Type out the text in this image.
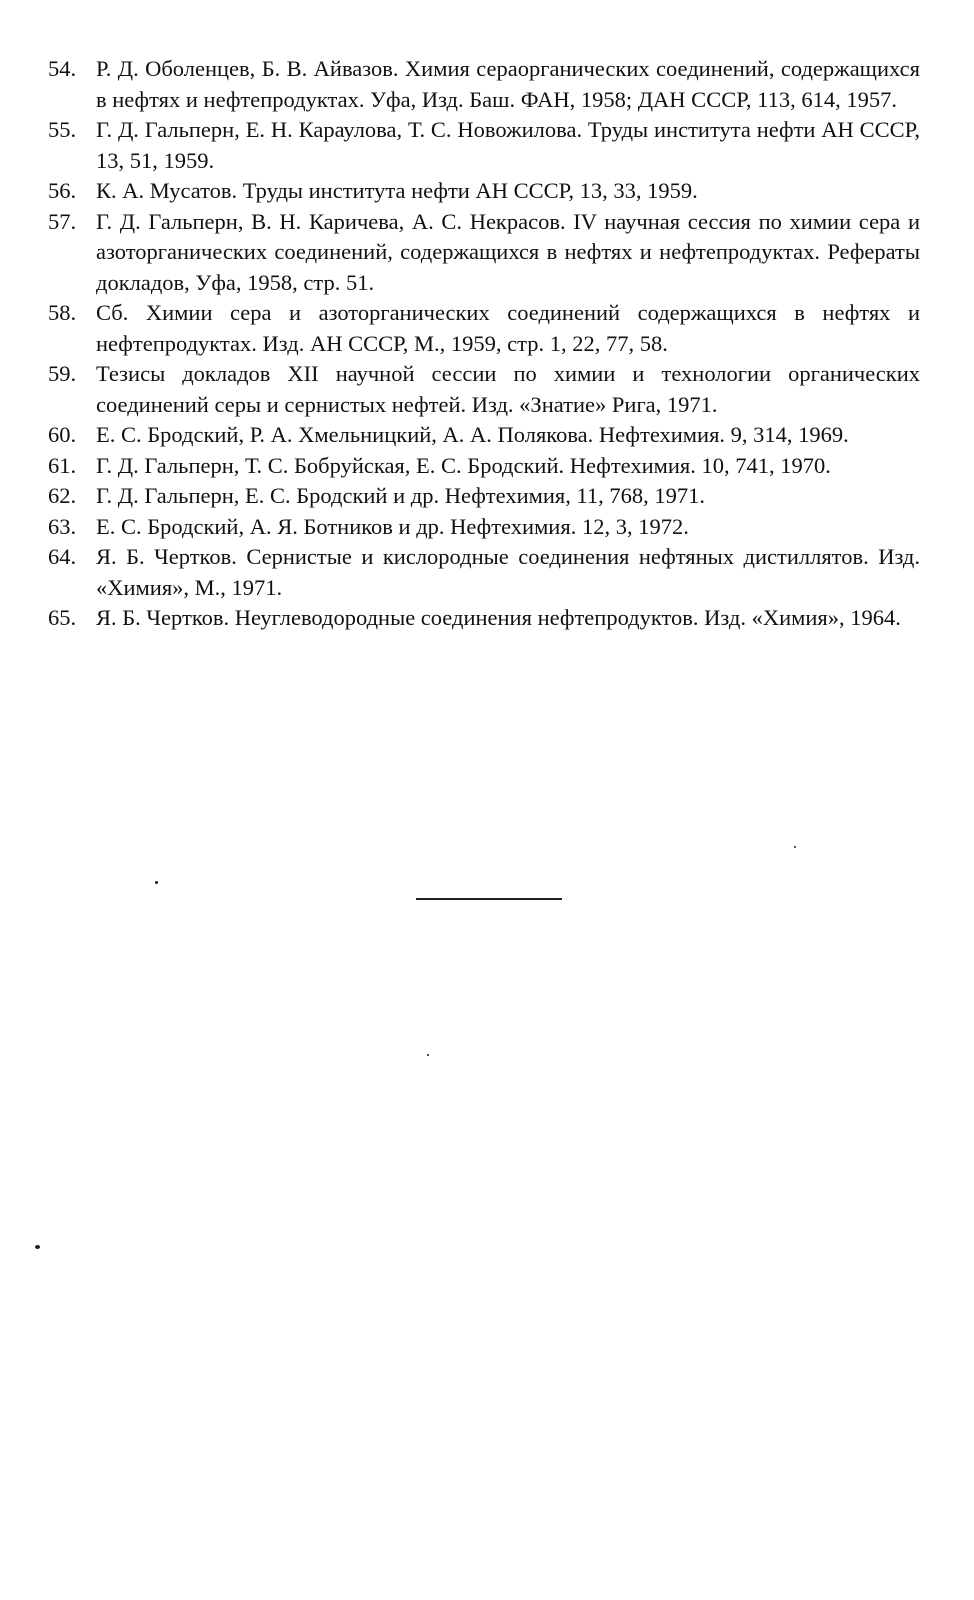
54. Р. Д. Оболенцев, Б. В. Айвазов. Химия сераорганических соединений, содержащихся в нефтях и нефтепродуктах. Уфа, Изд. Баш. ФАН, 1958; ДАН СССР, 113, 614, 1957.
55. Г. Д. Гальперн, Е. Н. Караулова, Т. С. Новожилова. Труды института нефти АН СССР, 13, 51, 1959.
56. К. А. Мусатов. Труды института нефти АН СССР, 13, 33, 1959.
57. Г. Д. Гальперн, В. Н. Каричева, А. С. Некрасов. IV научная сессия по химии сера и азоторганических соединений, содержащихся в нефтях и нефтепродуктах. Рефераты докладов, Уфа, 1958, стр. 51.
58. Сб. Химии сера и азоторганических соединений содержащихся в нефтях и нефтепродуктах. Изд. АН СССР, М., 1959, стр. 1, 22, 77, 58.
59. Тезисы докладов XII научной сессии по химии и технологии органических соединений серы и сернистых нефтей. Изд. «Знатие» Рига, 1971.
60. Е. С. Бродский, Р. А. Хмельницкий, А. А. Полякова. Нефтехимия. 9, 314, 1969.
61. Г. Д. Гальперн, Т. С. Бобруйская, Е. С. Бродский. Нефтехимия. 10, 741, 1970.
62. Г. Д. Гальперн, Е. С. Бродский и др. Нефтехимия, 11, 768, 1971.
63. Е. С. Бродский, А. Я. Ботников и др. Нефтехимия. 12, 3, 1972.
64. Я. Б. Чертков. Сернистые и кислородные соединения нефтяных дистиллятов. Изд. «Химия», М., 1971.
65. Я. Б. Чертков. Неуглеводородные соединения нефтепродуктов. Изд. «Химия», 1964.
